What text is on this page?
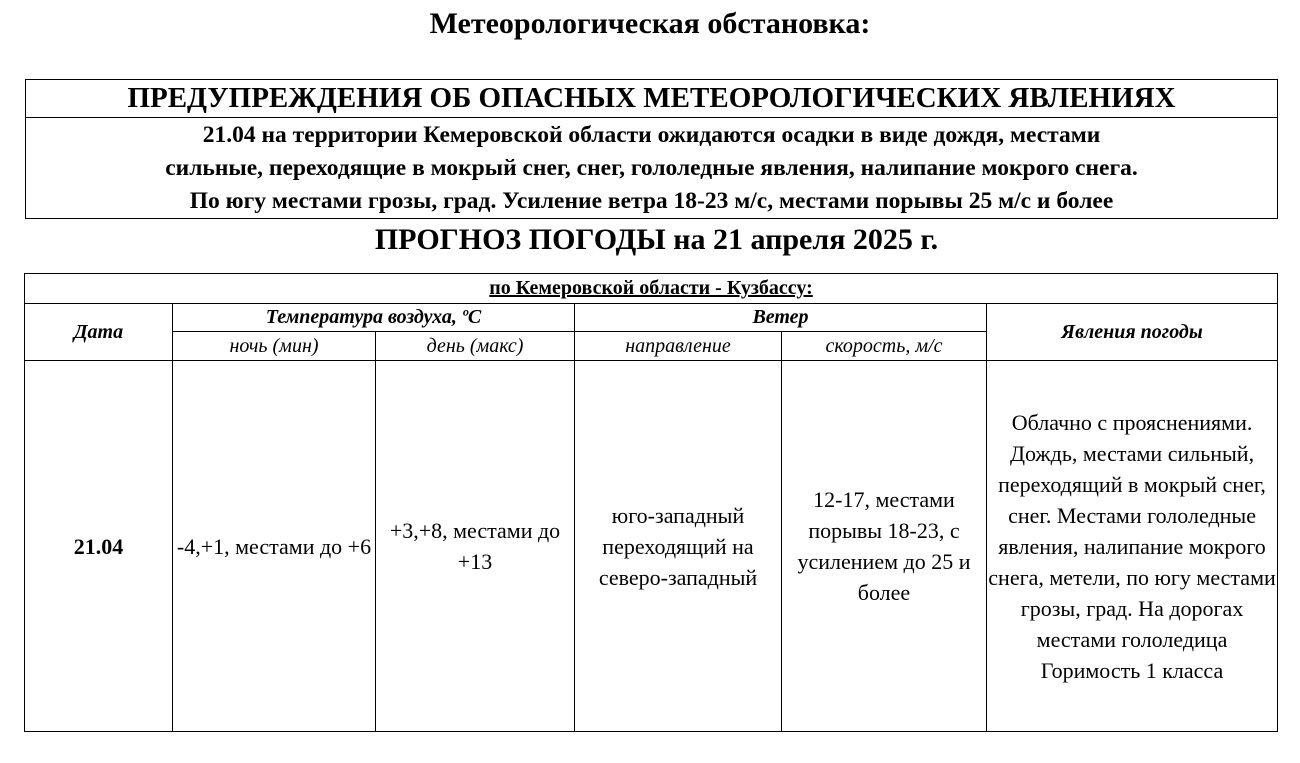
Метеорологическая обстановка:
ПРЕДУПРЕЖДЕНИЯ ОБ ОПАСНЫХ МЕТЕОРОЛОГИЧЕСКИХ ЯВЛЕНИЯХ
21.04 на территории Кемеровской области ожидаются осадки в виде дождя, местами
сильные, переходящие в мокрый снег, снег, гололедные явления, налипание мокрого снега.
По югу местами грозы, град. Усиление ветра 18-23 м/с, местами порывы 25 м/с и более
ПРОГНОЗ ПОГОДЫ на 21 апреля 2025 г.
по Кемеровской области - Кузбассу:					
Дата	Температура воздуха, ºС		Ветер		Явления погоды
	ночь (мин)	день (макс)	направление	скорость, м/с	
21.04	-4,+1, местами до +6	+3,+8, местами до +13	юго-западный переходящий на северо-западный	12-17, местами порывы 18-23, с усилением до 25 и более	Облачно с прояснениями. Дождь, местами сильный, переходящий в мокрый снег, снег. Местами гололедные явления, налипание мокрого снега, метели, по югу местами грозы, град. На дорогах местами гололедица Горимость 1 класса
